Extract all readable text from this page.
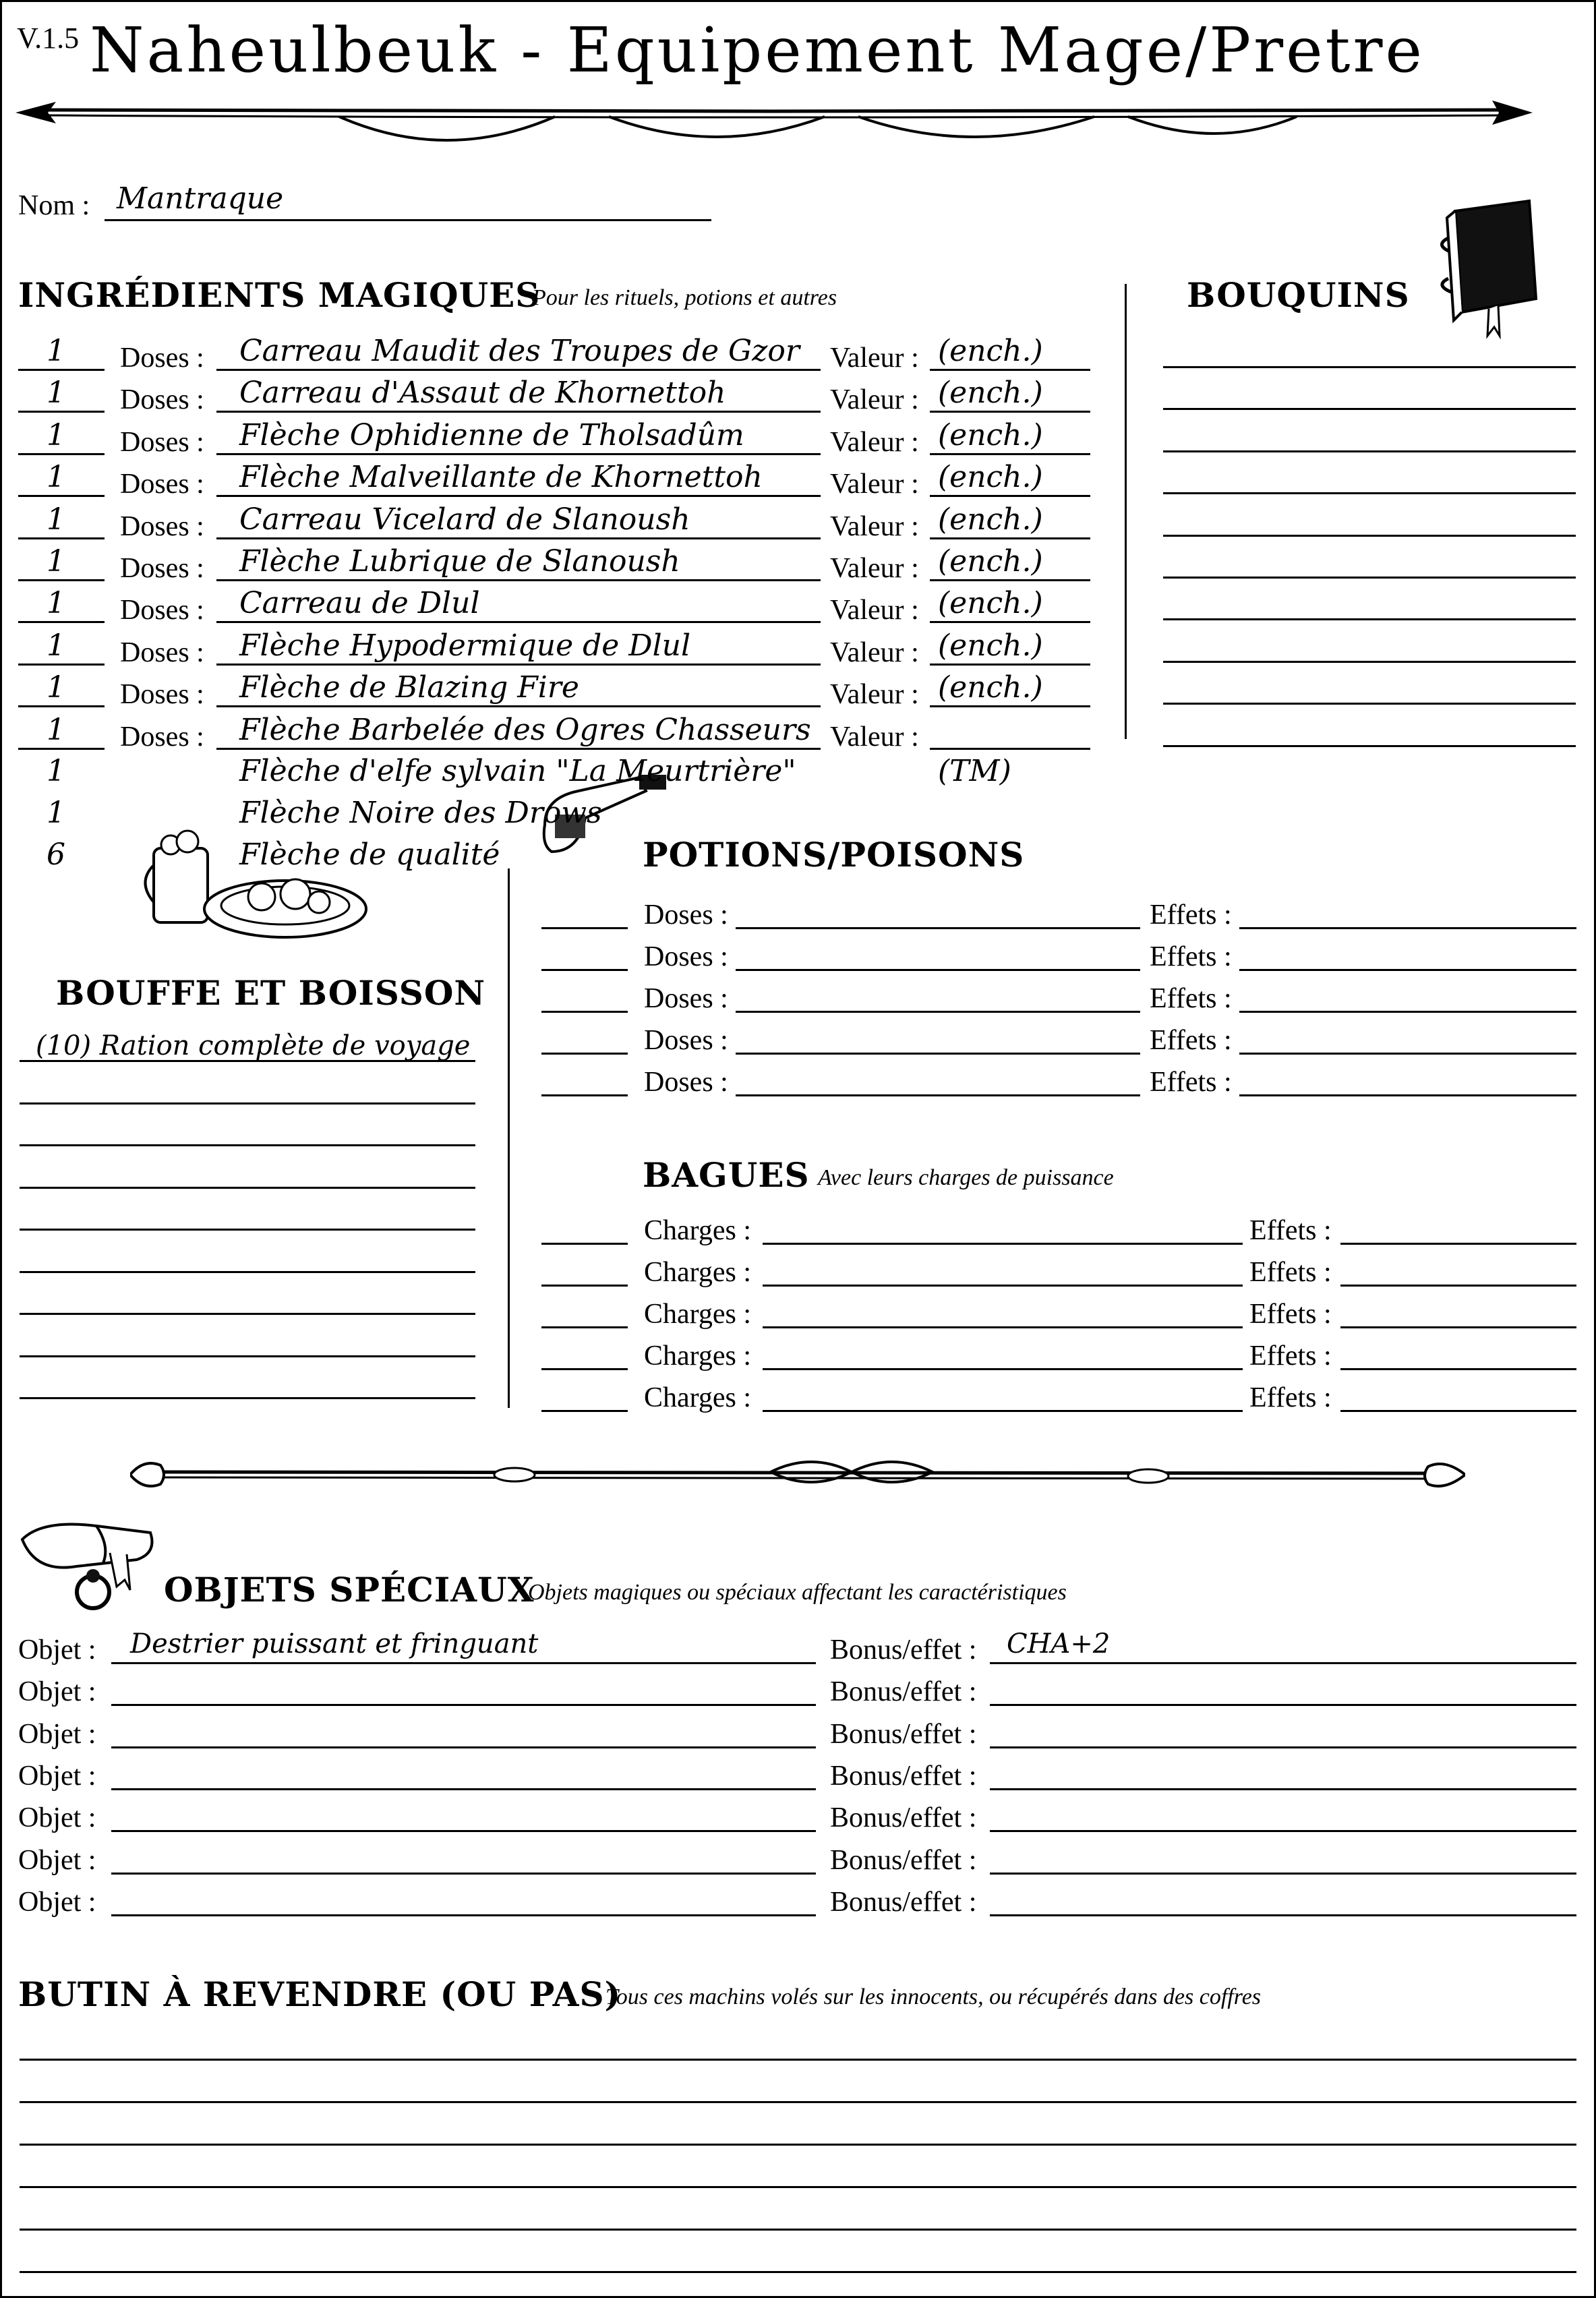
V.1.5 Naheulbeuk - Equipement Mage/Pretre
Nom : Mantraque
INGRÉDIENTS MAGIQUES
Pour les rituels, potions et autres	BOUQUINS
POTIONS/POISONS
BOUFFE ET BOISSON
BAGUES Avec leurs charges de puissance
OBJETS SPÉCIAUX
Objets magiques ou spéciaux affectant les caractéristiques
BUTIN À REVENDRE (OU PAS)
Tous ces machins volés sur les innocents, ou récupérés dans des coffres
1 Doses : Carreau Maudit des Troupes de Gzor Valeur : (ench.)
1 Doses : Carreau d'Assaut de Khornettoh	Valeur : (ench.)
1 Doses : Flèche Ophidienne de Tholsadûm	Valeur : (ench.)
1 Doses : Flèche Malveillante de Khornettoh Valeur : (ench.)
1 Doses : Carreau Vicelard de Slanoush	Valeur : (ench.)
1 Doses : Flèche Lubrique de Slanoush	Valeur : (ench.)
1 Doses : Carreau de Dlul	Valeur : (ench.)
1 Doses : Flèche Hypodermique de Dlul	Valeur : (ench.)
1 Doses : Flèche de Blazing Fire	Valeur : (ench.)
1 Doses : Flèche Barbelée des Ogres Chasseurs Valeur :
1	Flèche d'elfe sylvain "La Meurtrière"	(TM)
1	Flèche Noire des Drows
6	Flèche de qualité
Doses :	Effets :
Doses :	Effets :
Doses :	Effets :
Doses :	Effets :
Doses :	Effets :
(10) Ration complète de voyage
Charges :	Effets :
Charges :	Effets :
Charges :	Effets :
Charges :	Effets :
Charges :	Effets :
Objet : Destrier puissant et fringuant	Bonus/effet : CHA+2
Objet :	Bonus/effet :
Objet :	Bonus/effet :
Objet :	Bonus/effet :
Objet :	Bonus/effet :
Objet :	Bonus/effet :
Objet :	Bonus/effet :
